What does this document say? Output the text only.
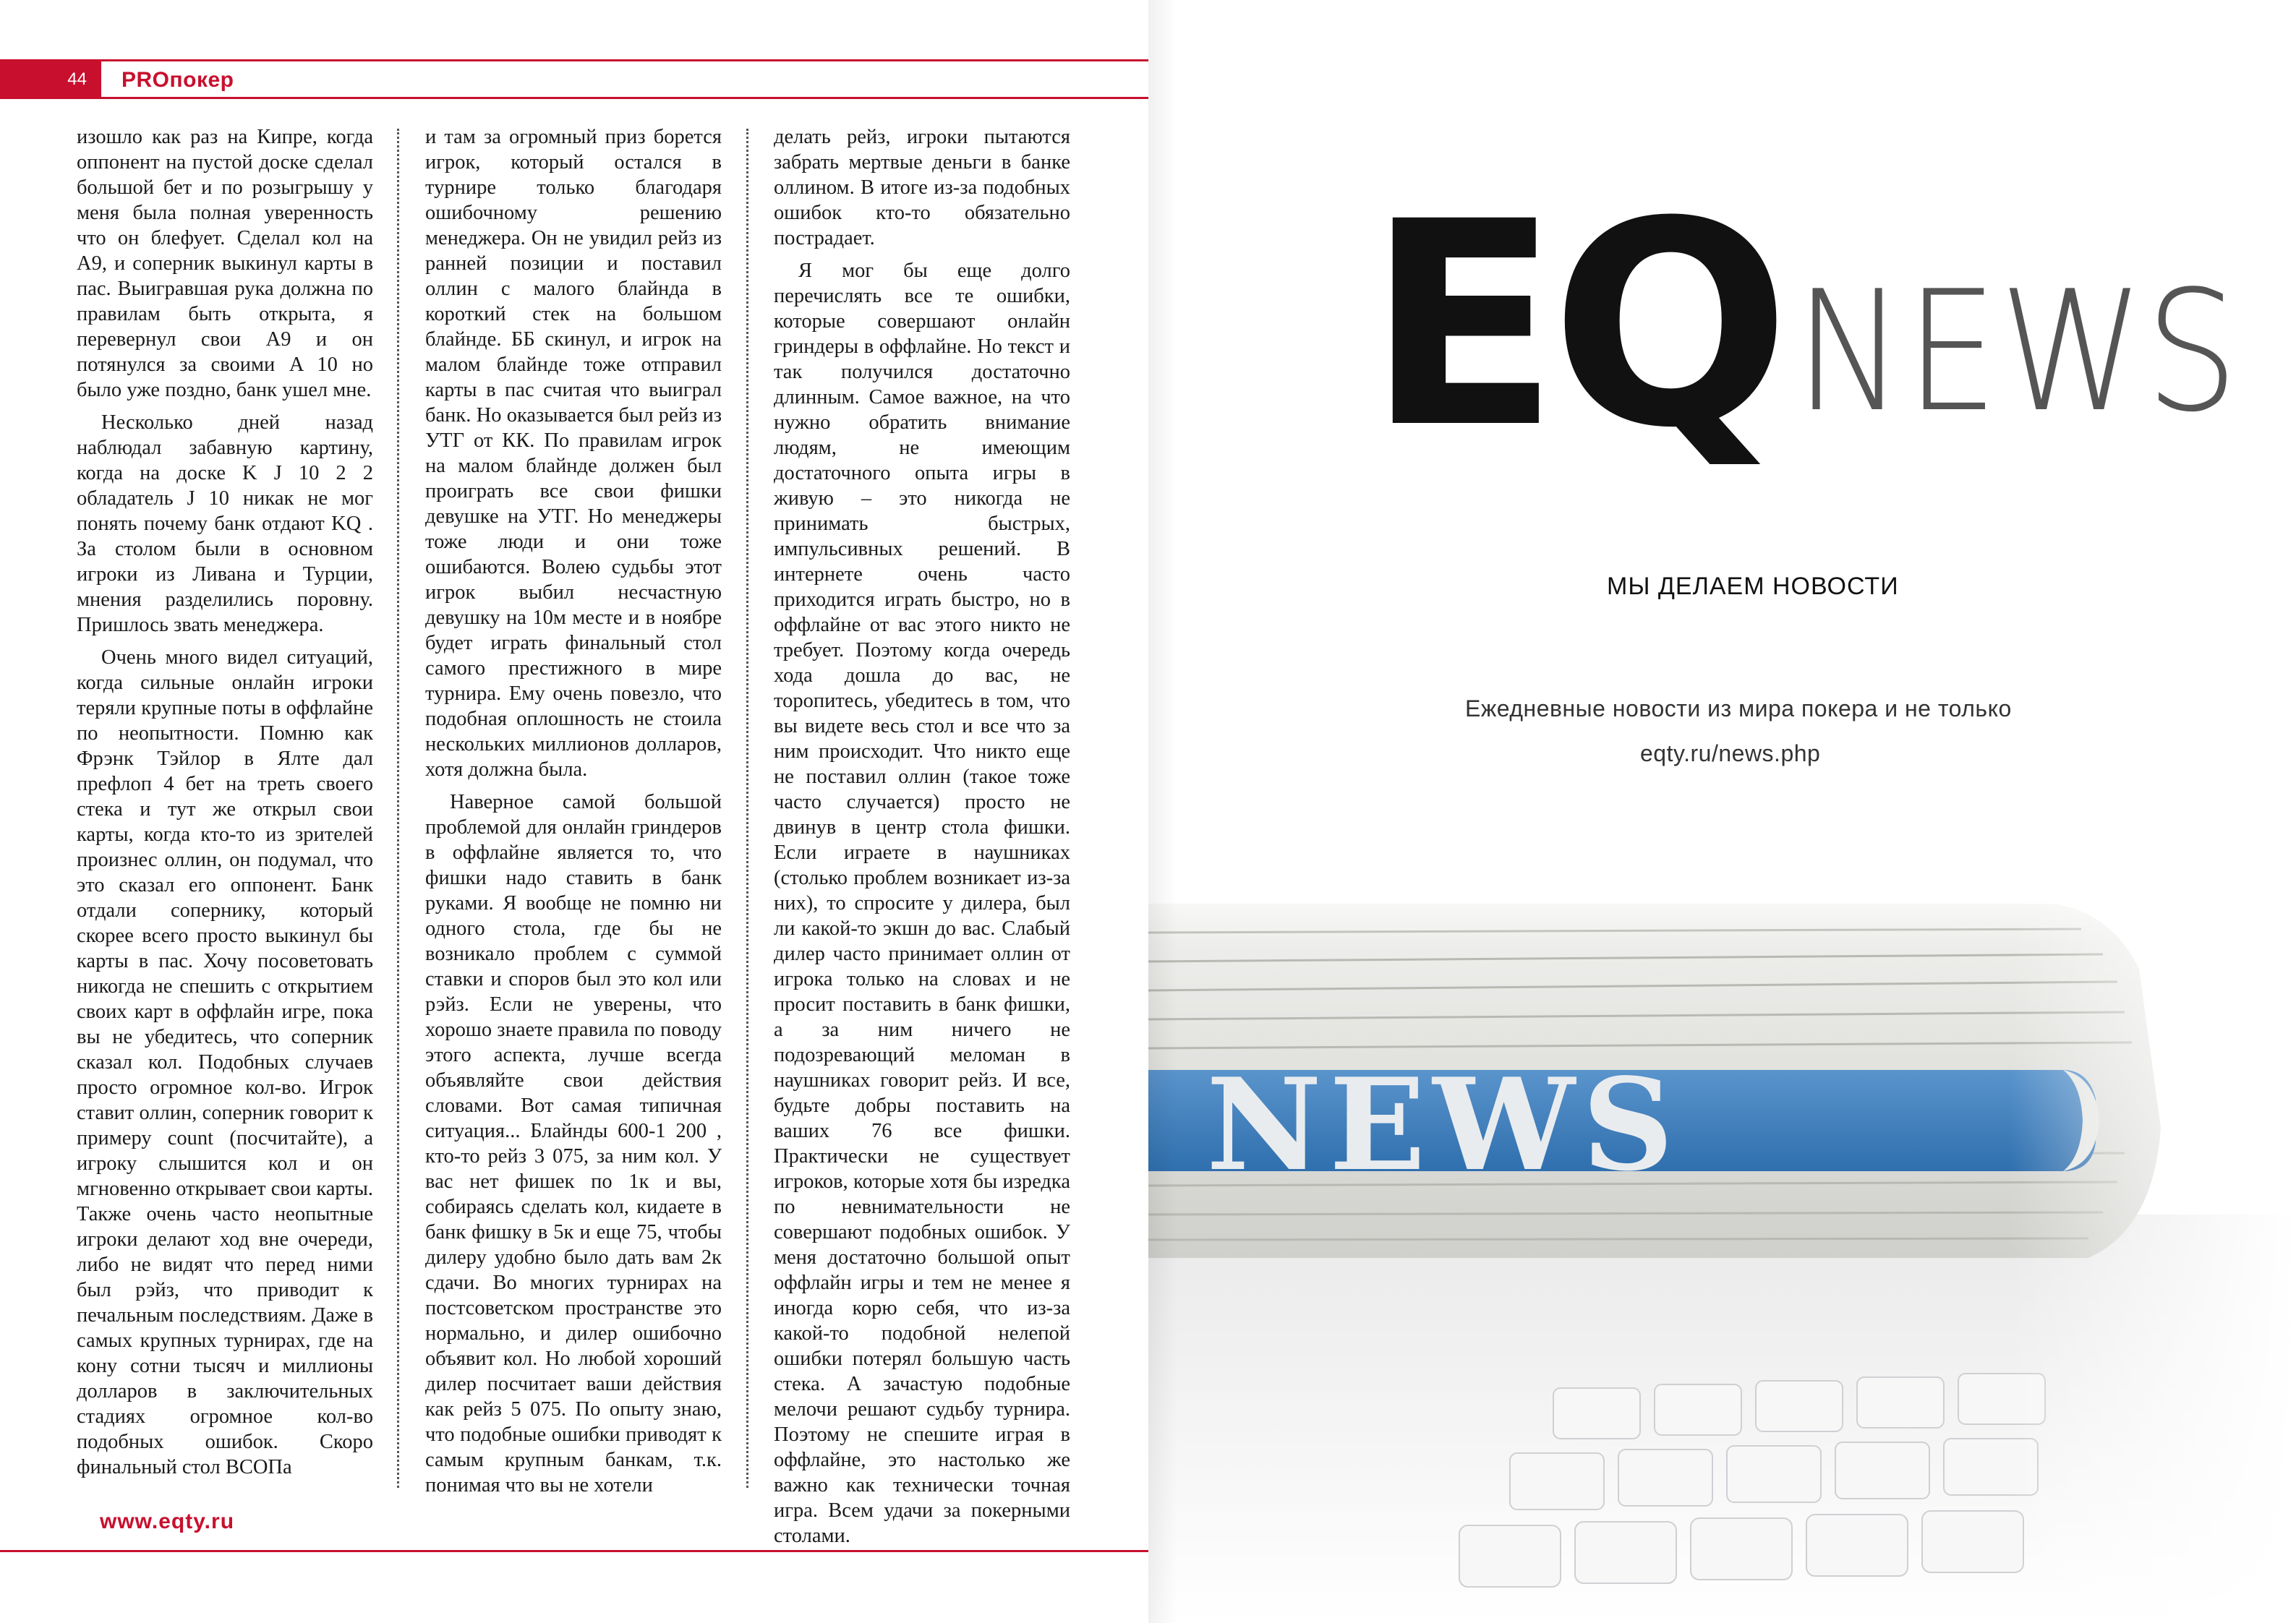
44 PROпокер

изошло как раз на Кипре, когда оппонент на пустой доске сделал большой бет и по розыгрышу у меня была полная уверенность что он блефует. Сделал кол на A9, и соперник выкинул карты в пас. Выигравшая рука должна по правилам быть открыта, я перевернул свои A9 и он потянулся за своими A 10 но было уже поздно, банк ушел мне.

Несколько дней назад наблюдал забавную картину, когда на доске K J 10 2 2 обладатель J 10 никак не мог понять почему банк отдают KQ . За столом были в основном игроки из Ливана и Турции, мнения разделились поровну. Пришлось звать менеджера.

Очень много видел ситуаций, когда сильные онлайн игроки теряли крупные поты в оффлайне по неопытности. Помню как Фрэнк Тэйлор в Ялте дал префлоп 4 бет на треть своего стека и тут же открыл свои карты, когда кто-то из зрителей произнес оллин, он подумал, что это сказал его оппонент. Банк отдали сопернику, который скорее всего просто выкинул бы карты в пас. Хочу посоветовать никогда не спешить с открытием своих карт в оффлайн игре, пока вы не убедитесь, что соперник сказал кол. Подобных случаев просто огромное кол-во. Игрок ставит оллин, соперник говорит к примеру count (посчитайте), а игроку слышится кол и он мгновенно открывает свои карты. Также очень часто неопытные игроки делают ход вне очереди, либо не видят что перед ними был рэйз, что приводит к печальным последствиям. Даже в самых крупных турнирах, где на кону сотни тысяч и миллионы долларов в заключительных стадиях огромное кол-во подобных ошибок. Скоро финальный стол ВСОПа

и там за огромный приз борется игрок, который остался в турнире только благодаря ошибочному решению менеджера. Он не увидил рейз из ранней позиции и поставил оллин с малого блайнда в короткий стек на большом блайнде. ББ скинул, и игрок на малом блайнде тоже отправил карты в пас считая что выиграл банк. Но оказывается был рейз из УТГ от КК. По правилам игрок на малом блайнде должен был проиграть все свои фишки девушке на УТГ. Но менеджеры тоже люди и они тоже ошибаются. Волею судьбы этот игрок выбил несчастную девушку на 10м месте и в ноябре будет играть финальный стол самого престижного в мире турнира. Ему очень повезло, что подобная оплошность не стоила нескольких миллионов долларов, хотя должна была.

Наверное самой большой проблемой для онлайн гриндеров в оффлайне является то, что фишки надо ставить в банк руками. Я вообще не помню ни одного стола, где бы не возникало проблем с суммой ставки и споров был это кол или рэйз. Если не уверены, что хорошо знаете правила по поводу этого аспекта, лучше всегда объявляйте свои действия словами. Вот самая типичная ситуация... Блайнды 600-1 200 , кто-то рейз 3 075, за ним кол. У вас нет фишек по 1к и вы, собираясь сделать кол, кидаете в банк фишку в 5к и еще 75, чтобы дилеру удобно было дать вам 2к сдачи. Во многих турнирах на постсоветском пространстве это нормально, и дилер ошибочно объявит кол. Но любой хороший дилер посчитает ваши действия как рейз 5 075. По опыту знаю, что подобные ошибки приводят к самым крупным банкам, т.к. понимая что вы не хотели

делать рейз, игроки пытаются забрать мертвые деньги в банке оллином. В итоге из-за подобных ошибок кто-то обязательно пострадает.

Я мог бы еще долго перечислять все те ошибки, которые совершают онлайн гриндеры в оффлайне. Но текст и так получился достаточно длинным. Самое важное, на что нужно обратить внимание людям, не имеющим достаточного опыта игры в живую – это никогда не принимать быстрых, импульсивных решений. В интернете очень часто приходится играть быстро, но в оффлайне от вас этого никто не требует. Поэтому когда очередь хода дошла до вас, не торопитесь, убедитесь в том, что вы видете весь стол и все что за ним происходит. Что никто еще не поставил оллин (такое тоже часто случается) просто не двинув в центр стола фишки. Если играете в наушниках (столько проблем возникает из-за них), то спросите у дилера, был ли какой-то экшн до вас. Слабый дилер часто принимает оллин от игрока только на словах и не просит поставить в банк фишки, а за ним ничего не подозревающий меломан в наушниках говорит рейз. И все, будьте добры поставить на ваших 76 все фишки. Практически не существует игроков, которые хотя бы изредка по невнимательности не совершают подобных ошибок. У меня достаточно большой опыт оффлайн игры и тем не менее я иногда корю себя, что из-за какой-то подобной нелепой ошибки потерял большую часть стека. А зачастую подобные мелочи решают судьбу турнира. Поэтому не спешите играя в оффлайне, это настолько же важно как технически точная игра. Всем удачи за покерными столами.

www.eqty.ru
EQ NEWS
МЫ ДЕЛАЕМ НОВОСТИ
Ежедневные новости из мира покера и не только
eqty.ru/news.php
